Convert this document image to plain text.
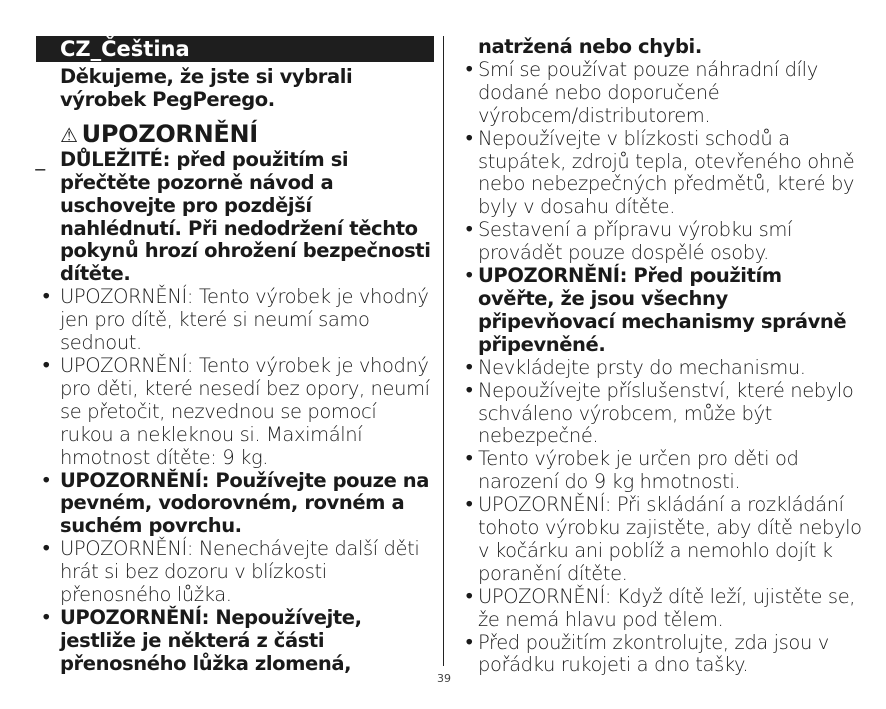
CZ_Čeština
Děkujeme, že jste si vybrali výrobek PegPerego.
⚠ UPOZORNĚNÍ
_ DŮLEŽITÉ: před použitím si přečtěte pozorně návod a uschovejte pro pozdější nahlédnutí. Při nedodržení těchto pokynů hrozí ohrožení bezpečnosti dítěte.
• UPOZORNĚNÍ: Tento výrobek je vhodný jen pro dítě, které si neumí samo sednout.
• UPOZORNĚNÍ: Tento výrobek je vhodný pro děti, které nesedí bez opory, neumí se přetočit, nezvednou se pomocí rukou a nekleknou si. Maximální hmotnost dítěte: 9 kg.
• UPOZORNĚNÍ: Používejte pouze na pevném, vodorovném, rovném a suchém povrchu.
• UPOZORNĚNÍ: Nenechávejte další děti hrát si bez dozoru v blízkosti přenosného lůžka.
• UPOZORNĚNÍ: Nepoužívejte, jestliže je některá z části přenosného lůžka zlomená,
natržená nebo chybi.
• Smí se používat pouze náhradní díly dodané nebo doporučené výrobcem/distributorem.
• Nepoužívejte v blízkosti schodů a stupátek, zdrojů tepla, otevřeného ohně nebo nebezpečných předmětů, které by byly v dosahu dítěte.
• Sestavení a přípravu výrobku smí provádět pouze dospělé osoby.
• UPOZORNĚNÍ: Před použitím ověřte, že jsou všechny připevňovací mechanismy správně připevněné.
• Nevkládejte prsty do mechanismu.
• Nepoužívejte příslušenství, které nebylo schváleno výrobcem, může být nebezpečné.
• Tento výrobek je určen pro děti od narození do 9 kg hmotnosti.
• UPOZORNĚNÍ: Při skládání a rozkládání tohoto výrobku zajistěte, aby dítě nebylo v kočárku ani poblíž a nemohlo dojít k poranění dítěte.
• UPOZORNĚNÍ: Když dítě leží, ujistěte se, že nemá hlavu pod tělem.
• Před použitím zkontrolujte, zda jsou v pořádku rukojeti a dno tašky.
39
